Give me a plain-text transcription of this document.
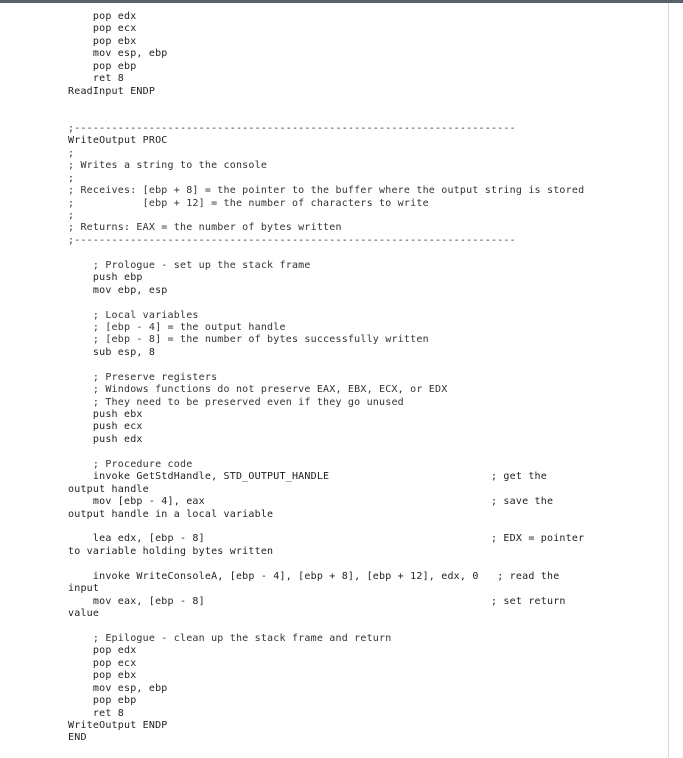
pop edx
pop ecx
pop ebx
mov esp, ebp
pop ebp
ret 8
ReadInput ENDP
;-----------------------------------------------------------------------
WriteOutput PROC
;
; Writes a string to the console
;
; Receives: [ebp + 8] = the pointer to the buffer where the output string is stored
;           [ebp + 12] = the number of characters to write
;
; Returns: EAX = the number of bytes written
;-----------------------------------------------------------------------
; Prologue - set up the stack frame
push ebp
mov ebp, esp
; Local variables
; [ebp - 4] = the output handle
; [ebp - 8] = the number of bytes successfully written
sub esp, 8
; Preserve registers
; Windows functions do not preserve EAX, EBX, ECX, or EDX
; They need to be preserved even if they go unused
push ebx
push ecx
push edx
; Procedure code
invoke GetStdHandle, STD_OUTPUT_HANDLE                          ; get the
output handle
mov [ebp - 4], eax                                              ; save the
output handle in a local variable
lea edx, [ebp - 8]                                              ; EDX = pointer
to variable holding bytes written
invoke WriteConsoleA, [ebp - 4], [ebp + 8], [ebp + 12], edx, 0   ; read the
input
mov eax, [ebp - 8]                                              ; set return
value
; Epilogue - clean up the stack frame and return
pop edx
pop ecx
pop ebx
mov esp, ebp
pop ebp
ret 8
WriteOutput ENDP
END
